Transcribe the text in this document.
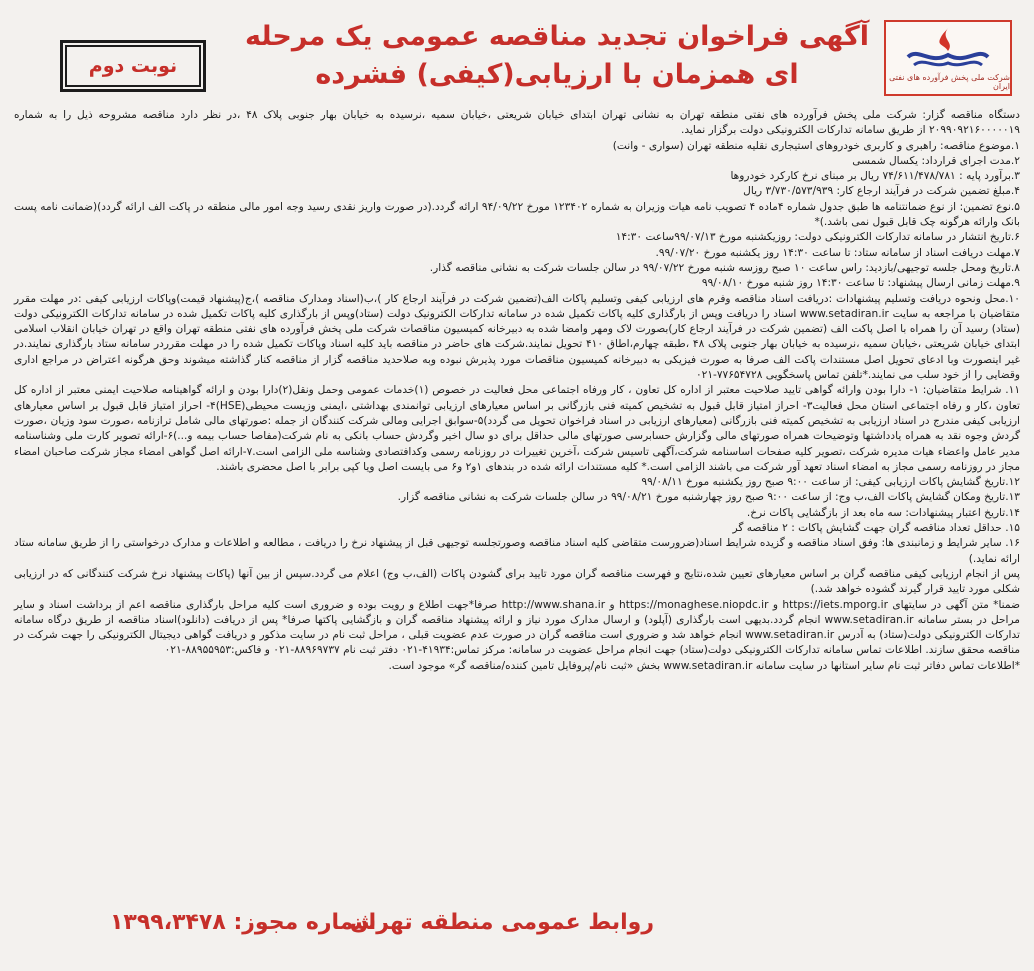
شرکت ملی پخش فرآورده های نفتی ایران
آگهی فراخوان تجدید مناقصه عمومی یک مرحله ای همزمان با ارزیابی(کیفی) فشرده
نوبت دوم

دستگاه مناقصه گزار: شرکت ملی پخش فرآورده های نفتی منطقه تهران به نشانی تهران ابتدای خیابان شریعتی ،خیابان سمیه ،نرسیده به خیابان بهار جنوبی پلاک ۴۸ ،در نظر دارد مناقصه مشروحه ذیل را به شماره ۲۰۹۹۰۹۲۱۶۰۰۰۰۰۱۹ از طریق سامانه تدارکات الکترونیکی دولت برگزار نماید.

۱.موضوع مناقصه: راهبری و کاربری خودروهای استیجاری نقلیه منطقه تهران (سواری - وانت)

۲.مدت اجرای قرارداد: یکسال شمسی

۳.برآورد پایه : ۷۴/۶۱۱/۴۷۸/۷۸۱ ریال بر مبنای نرخ کارکرد خودروها

۴.مبلغ تضمین شرکت در فرآیند ارجاع کار: ۳/۷۳۰/۵۷۳/۹۳۹ ریال

۵.نوع تضمین: از نوع ضمانتنامه ها طبق جدول شماره ۴ماده ۴ تصویب نامه هیات وزیران به شماره ۱۲۳۴۰۲ مورخ ۹۴/۰۹/۲۲ ارائه گردد.(در صورت واریز نقدی رسید وجه امور مالی منطقه در پاکت الف ارائه گردد)(ضمانت نامه پست بانک وارائه هرگونه چک قابل قبول نمی باشد.)*

۶.تاریخ انتشار در سامانه تدارکات الکترونیکی دولت: روزیکشنبه مورخ ۹۹/۰۷/۱۳ساعت ۱۴:۳۰

۷.مهلت دریافت اسناد از سامانه ستاد: تا ساعت ۱۴:۳۰ روز یکشنبه مورخ ۹۹/۰۷/۲۰.

۸.تاریخ ومحل جلسه توجیهی/بازدید: راس ساعت ۱۰ صبح روزسه شنبه مورخ ۹۹/۰۷/۲۲ در سالن جلسات شرکت به نشانی مناقصه گذار.

۹.مهلت زمانی ارسال پیشنهاد: تا ساعت ۱۴:۳۰ روز شنبه مورخ ۹۹/۰۸/۱۰

۱۰.محل ونحوه دریافت وتسلیم پیشنهادات :دریافت اسناد مناقصه وفرم های ارزیابی کیفی وتسلیم پاکات الف(تضمین شرکت در فرآیند ارجاع کار )،ب(اسناد ومدارک مناقصه )،ج(پیشنهاد قیمت)وپاکات ارزیابی کیفی :در مهلت مقرر متقاضیان با مراجعه به سایت www.setadiran.ir اسناد را دریافت وپس از بارگذاری کلیه پاکات تکمیل شده در سامانه تدارکات الکترونیک دولت (ستاد)وپس از بارگذاری کلیه پاکات تکمیل شده در سامانه تدارکات الکترونیکی دولت (ستاد) رسید آن را همراه با اصل پاکت الف (تضمین شرکت در فرآیند ارجاع کار)بصورت لاک ومهر وامضا شده به دبیرخانه کمیسیون مناقصات شرکت ملی پخش فرآورده های نفتی منطقه تهران واقع در تهران خیابان انقلاب اسلامی ابتدای خیابان شریعتی ،خیابان سمیه ،نرسیده به خیابان بهار جنوبی پلاک ۴۸ ،طبقه چهارم،اطاق ۴۱۰ تحویل نمایند.شرکت های حاضر در مناقصه باید کلیه اسناد وپاکات تکمیل شده را در مهلت مقرردر سامانه ستاد بارگذاری نمایند.در غیر اینصورت وبا ادعای تحویل اصل مستندات پاکت الف صرفا به صورت فیزیکی به دبیرخانه کمیسیون مناقصات مورد پذیرش نبوده وبه صلاحدید مناقصه گزار از مناقصه کنار گذاشته میشوند وحق هرگونه اعتراض در مراجع اداری وقضایی را از خود سلب می نمایند.*تلفن تماس پاسخگویی ۷۷۶۵۴۷۲۸-۰۲۱

۱۱. شرایط متقاضیان: ۱- دارا بودن وارائه گواهی تایید صلاحیت معتبر از اداره کل تعاون ، کار ورفاه اجتماعی محل فعالیت در خصوص (۱)خدمات عمومی وحمل ونقل(۲)دارا بودن و ارائه گواهینامه صلاحیت ایمنی معتبر از اداره کل تعاون ،کار و رفاه اجتماعی استان محل فعالیت۳- احراز امتیاز قابل قبول به تشخیص کمیته فنی بازرگانی بر اساس معیارهای ارزیابی توانمندی بهداشتی ،ایمنی وزیست محیطی(HSE)۴- احراز امتیاز قابل قبول بر اساس معیارهای ارزیابی کیفی مندرج در اسناد ارزیابی به تشخیص کمیته فنی بازرگانی (معیارهای ارزیابی در اسناد فراخوان تحویل می گردد)۵-سوابق اجرایی ومالی شرکت کنندگان از جمله :صورتهای مالی شامل ترازنامه ،صورت سود وزیان ،صورت گردش وجوه نقد به همراه یادداشتها وتوضیحات همراه صورتهای مالی وگزارش حسابرسی صورتهای مالی حداقل برای دو سال اخیر وگردش حساب بانکی به نام شرکت(مفاصا حساب بیمه و...)۶-ارائه تصویر کارت ملی وشناسنامه مدیر عامل واعضاء هیات مدیره شرکت ،تصویر کلیه صفحات اساسنامه شرکت،آگهی تاسیس شرکت ،آخرین تغییرات در روزنامه رسمی وکدافتصادی وشناسه ملی الزامی است.۷-ارائه اصل گواهی امضاء مجاز شرکت صاحبان امضاء مجاز در روزنامه رسمی مجاز به امضاء اسناد تعهد آور شرکت می باشند الزامی است.* کلیه مستندات ارائه شده در بندهای ۱و۲ و۶ می بایست اصل ویا کپی برابر با اصل محضری باشند.

۱۲.تاریخ گشایش پاکات ارزیابی کیفی: از ساعت ۹:۰۰ صبح روز یکشنبه مورخ ۹۹/۰۸/۱۱

۱۳.تاریخ ومکان گشایش پاکات الف،ب وج: از ساعت ۹:۰۰ صبح روز چهارشنبه مورخ ۹۹/۰۸/۲۱ در سالن جلسات شرکت به نشانی مناقصه گزار.

۱۴.تاریخ اعتبار پیشنهادات: سه ماه بعد از بازگشایی پاکات نرخ.

۱۵. حداقل تعداد مناقصه گران جهت گشایش پاکات : ۲ مناقصه گر

۱۶. سایر شرایط و زمانبندی ها: وفق اسناد مناقصه و گزیده شرایط اسناد(ضرورست متقاضی کلیه اسناد مناقصه وصورتجلسه توجیهی قبل از پیشنهاد نرخ را دریافت ، مطالعه و اطلاعات و مدارک درخواستی را از طریق سامانه ستاد ارائه نماید.)

پس از انجام ارزیابی کیفی مناقصه گران بر اساس معیارهای تعیین شده،نتایج و فهرست مناقصه گران مورد تایید برای گشودن پاکات (الف،ب وج) اعلام می گردد.سپس از بین آنها (پاکات پیشنهاد نرخ شرکت کنندگانی که در ارزیابی شکلی مورد تایید قرار گیرند گشوده خواهد شد.)

ضمنا* متن آگهی در سایتهای https://iets.mporg.ir و https://monaghese.niopdc.ir و http://www.shana.ir صرفا*جهت اطلاع و رویت بوده و ضروری است کلیه مراحل بارگذاری مناقصه اعم از برداشت اسناد و سایر مراحل در بستر سامانه www.setadiran.ir انجام گردد.بدیهی است بارگذاری (آپلود) و ارسال مدارک مورد نیاز و ارائه پیشنهاد مناقصه گران و بازگشایی پاکتها صرفا* پس از دریافت (دانلود)اسناد مناقصه از طریق درگاه سامانه تدارکات الکترونیکی دولت(ستاد) به آدرس www.setadiran.ir انجام خواهد شد و ضروری است مناقصه گران در صورت عدم عضویت قبلی ، مراحل ثبت نام در سایت مذکور و دریافت گواهی دیجیتال الکترونیکی را جهت شرکت در مناقصه محقق سازند. اطلاعات تماس سامانه تدارکات الکترونیکی دولت(ستاد) جهت انجام مراحل عضویت در سامانه: مرکز تماس:۴۱۹۳۴-۰۲۱ دفتر ثبت نام ۸۸۹۶۹۷۳۷-۰۲۱ و فاکس:۸۸۹۵۵۹۵۳-۰۲۱

*اطلاعات تماس دفاتر ثبت نام سایر استانها در سایت سامانه www.setadiran.ir بخش «ثبت نام/پروفایل تامین کننده/مناقصه گر» موجود است.

روابط عمومی منطقه تهران
شماره مجوز: ۱۳۹۹،۳۴۷۸
